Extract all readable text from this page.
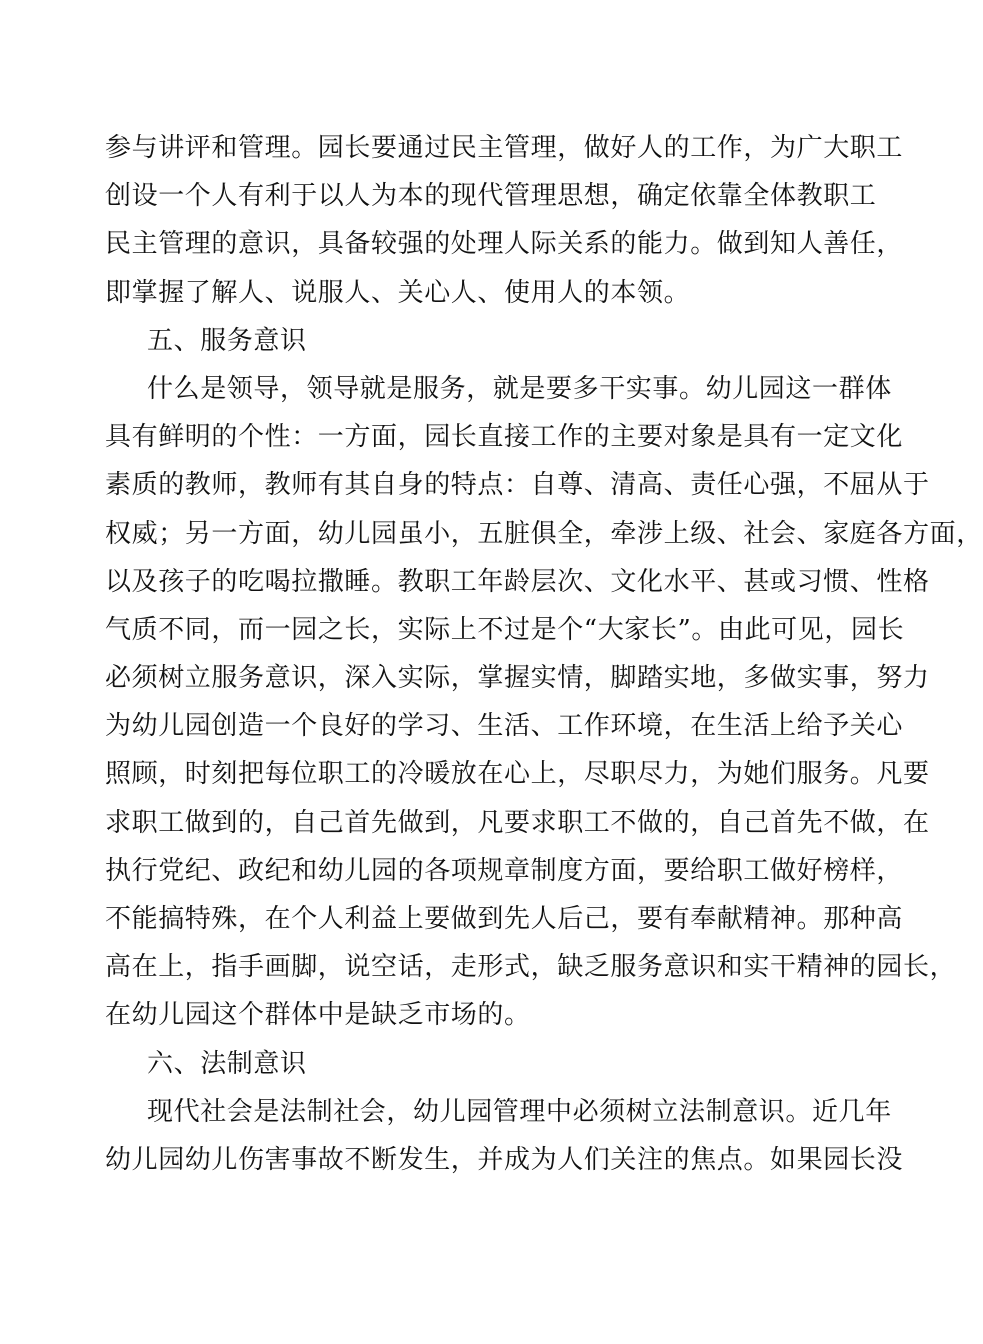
参与讲评和管理。园长要通过民主管理，做好人的工作，为广大职工
创设一个人有利于以人为本的现代管理思想，确定依靠全体教职工
民主管理的意识，具备较强的处理人际关系的能力。做到知人善任，
即掌握了解人、说服人、关心人、使用人的本领。
五、服务意识
什么是领导，领导就是服务，就是要多干实事。幼儿园这一群体
具有鲜明的个性：一方面，园长直接工作的主要对象是具有一定文化
素质的教师，教师有其自身的特点：自尊、清高、责任心强，不屈从于
权威；另一方面，幼儿园虽小，五脏俱全，牵涉上级、社会、家庭各方面，
以及孩子的吃喝拉撒睡。教职工年龄层次、文化水平、甚或习惯、性格
气质不同，而一园之长，实际上不过是个“大家长”。由此可见，园长
必须树立服务意识，深入实际，掌握实情，脚踏实地，多做实事，努力
为幼儿园创造一个良好的学习、生活、工作环境，在生活上给予关心
照顾，时刻把每位职工的冷暖放在心上，尽职尽力，为她们服务。凡要
求职工做到的，自己首先做到，凡要求职工不做的，自己首先不做，在
执行党纪、政纪和幼儿园的各项规章制度方面，要给职工做好榜样，
不能搞特殊，在个人利益上要做到先人后己，要有奉献精神。那种高
高在上，指手画脚，说空话，走形式，缺乏服务意识和实干精神的园长，
在幼儿园这个群体中是缺乏市场的。
六、法制意识
现代社会是法制社会，幼儿园管理中必须树立法制意识。近几年
幼儿园幼儿伤害事故不断发生，并成为人们关注的焦点。如果园长没
